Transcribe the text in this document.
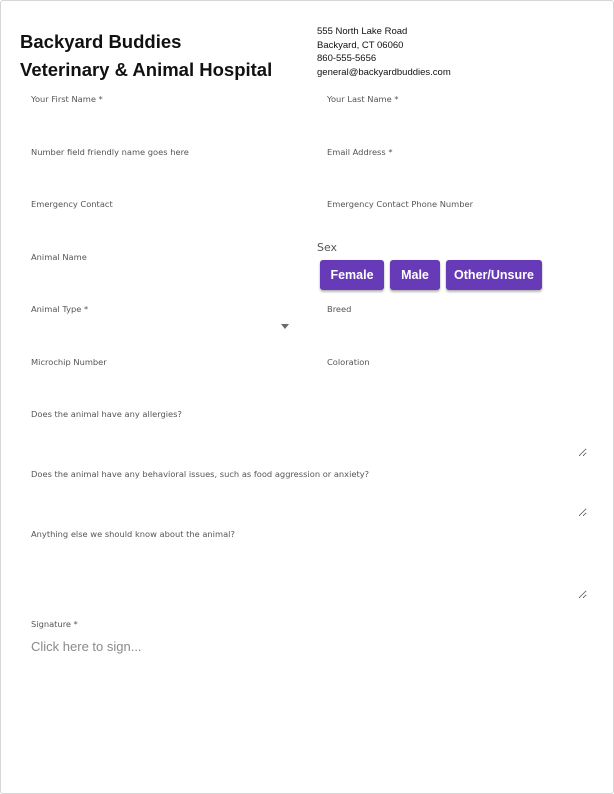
Backyard Buddies
Veterinary & Animal Hospital
555 North Lake Road
Backyard, CT 06060
860-555-5656
general@backyardbuddies.com
Your First Name *	Your Last Name *
Number field friendly name goes here	Email Address *
Emergency Contact	Emergency Contact Phone Number
Animal Name
Sex
Female	Male	Other/Unsure
Animal Type *	Breed
Microchip Number	Coloration
Does the animal have any allergies?
Does the animal have any behavioral issues, such as food aggression or anxiety?
Anything else we should know about the animal?
Signature *
Click here to sign...
